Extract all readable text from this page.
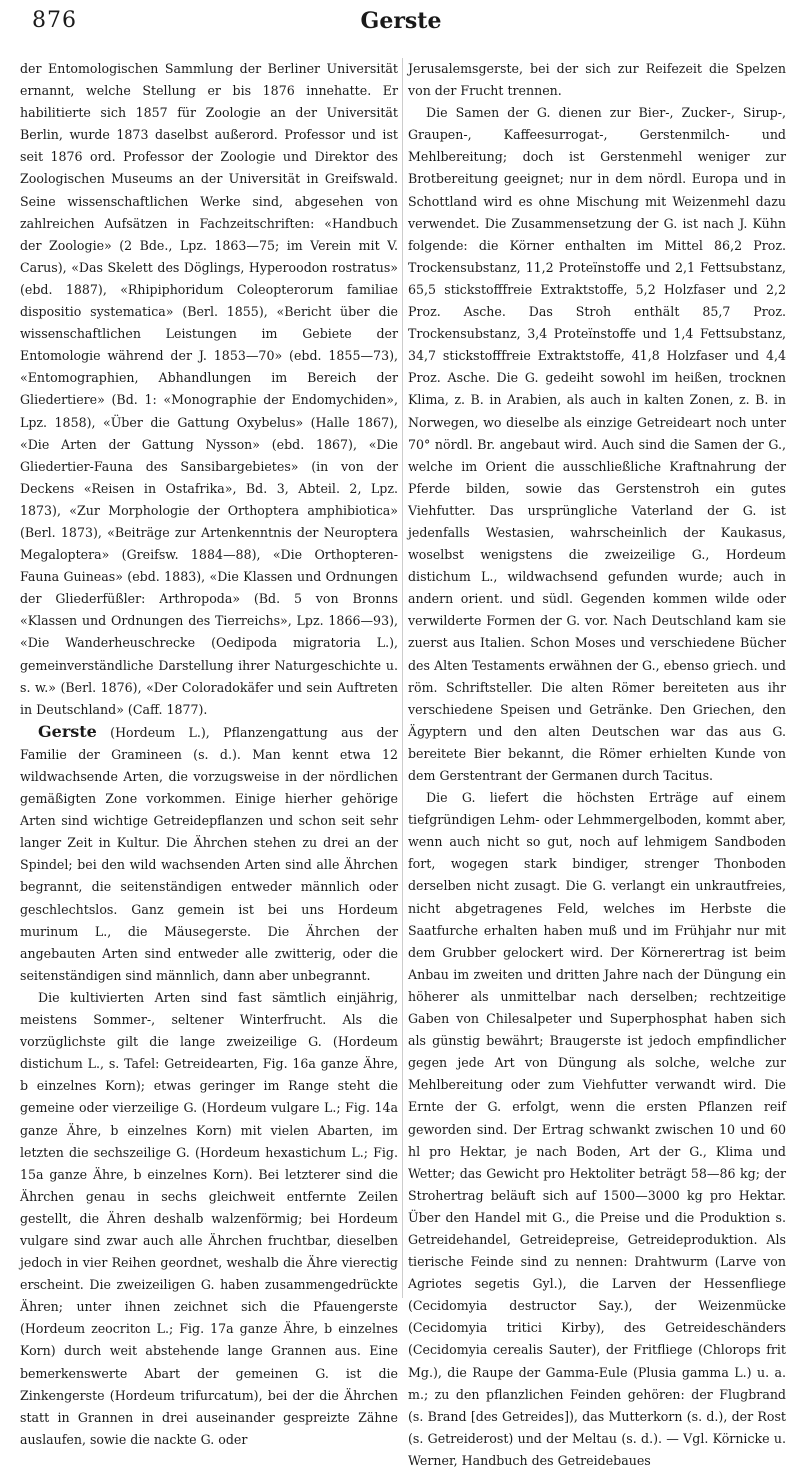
876	Gerste

der Entomologischen Sammlung der Berliner Universität ernannt, welche Stellung er bis 1876 innehatte. Er habilitierte sich 1857 für Zoologie an der Universität Berlin, wurde 1873 daselbst außerord. Professor und ist seit 1876 ord. Professor der Zoologie und Direktor des Zoologischen Museums an der Universität in Greifswald. Seine wissenschaftlichen Werke sind, abgesehen von zahlreichen Aufsätzen in Fachzeitschriften: «Handbuch der Zoologie» (2 Bde., Lpz. 1863—75; im Verein mit V. Carus), «Das Skelett des Döglings, Hyperoodon rostratus» (ebd. 1887), «Rhipiphoridum Coleopterorum familiae dispositio systematica» (Berl. 1855), «Bericht über die wissenschaftlichen Leistungen im Gebiete der Entomologie während der J. 1853—70» (ebd. 1855—73), «Entomographien, Abhandlungen im Bereich der Gliedertiere» (Bd. 1: «Monographie der Endomychiden», Lpz. 1858), «Über die Gattung Oxybelus» (Halle 1867), «Die Arten der Gattung Nysson» (ebd. 1867), «Die Gliedertier-Fauna des Sansibargebietes» (in von der Deckens «Reisen in Ostafrika», Bd. 3, Abteil. 2, Lpz. 1873), «Zur Morphologie der Orthoptera amphibiotica» (Berl. 1873), «Beiträge zur Artenkenntnis der Neuroptera Megaloptera» (Greifsw. 1884—88), «Die Orthopteren-Fauna Guineas» (ebd. 1883), «Die Klassen und Ordnungen der Gliederfüßler: Arthropoda» (Bd. 5 von Bronns «Klassen und Ordnungen des Tierreichs», Lpz. 1866—93), «Die Wanderheuschrecke (Oedipoda migratoria L.), gemeinverständliche Darstellung ihrer Naturgeschichte u. s. w.» (Berl. 1876), «Der Coloradokäfer und sein Auftreten in Deutschland» (Caff. 1877).

Gerste (Hordeum L.), Pflanzengattung aus der Familie der Gramineen (s. d.). Man kennt etwa 12 wildwachsende Arten, die vorzugsweise in der nördlichen gemäßigten Zone vorkommen. Einige hierher gehörige Arten sind wichtige Getreidepflanzen und schon seit sehr langer Zeit in Kultur. Die Ährchen stehen zu drei an der Spindel; bei den wild wachsenden Arten sind alle Ährchen begrannt, die seitenständigen entweder männlich oder geschlechtslos. Ganz gemein ist bei uns Hordeum murinum L., die Mäusegerste. Die Ährchen der angebauten Arten sind entweder alle zwitterig, oder die seitenständigen sind männlich, dann aber unbegrannt.

Die kultivierten Arten sind fast sämtlich einjährig, meistens Sommer-, seltener Winterfrucht. Als die vorzüglichste gilt die lange zweizeilige G. (Hordeum distichum L., s. Tafel: Getreidearten, Fig. 16a ganze Ähre, b einzelnes Korn); etwas geringer im Range steht die gemeine oder vierzeilige G. (Hordeum vulgare L.; Fig. 14a ganze Ähre, b einzelnes Korn) mit vielen Abarten, im letzten die sechszeilige G. (Hordeum hexastichum L.; Fig. 15a ganze Ähre, b einzelnes Korn). Bei letzterer sind die Ährchen genau in sechs gleichweit entfernte Zeilen gestellt, die Ähren deshalb walzenförmig; bei Hordeum vulgare sind zwar auch alle Ährchen fruchtbar, dieselben jedoch in vier Reihen geordnet, weshalb die Ähre vierectig erscheint. Die zweizeiligen G. haben zusammengedrückte Ähren; unter ihnen zeichnet sich die Pfauengerste (Hordeum zeocriton L.; Fig. 17a ganze Ähre, b einzelnes Korn) durch weit abstehende lange Grannen aus. Eine bemerkenswerte Abart der gemeinen G. ist die Zinkengerste (Hordeum trifurcatum), bei der die Ährchen statt in Grannen in drei auseinander gespreizte Zähne auslaufen, sowie die nackte G. oder

Jerusalemsgerste, bei der sich zur Reifezeit die Spelzen von der Frucht trennen.

Die Samen der G. dienen zur Bier-, Zucker-, Sirup-, Graupen-, Kaffeesurrogat-, Gerstenmilch- und Mehlbereitung; doch ist Gerstenmehl weniger zur Brotbereitung geeignet; nur in dem nördl. Europa und in Schottland wird es ohne Mischung mit Weizenmehl dazu verwendet. Die Zusammensetzung der G. ist nach J. Kühn folgende: die Körner enthalten im Mittel 86,2 Proz. Trockensubstanz, 11,2 Proteïnstoffe und 2,1 Fettsubstanz, 65,5 stickstofffreie Extraktstoffe, 5,2 Holzfaser und 2,2 Proz. Asche. Das Stroh enthält 85,7 Proz. Trockensubstanz, 3,4 Proteïnstoffe und 1,4 Fettsubstanz, 34,7 stickstofffreie Extraktstoffe, 41,8 Holzfaser und 4,4 Proz. Asche. Die G. gedeiht sowohl im heißen, trocknen Klima, z. B. in Arabien, als auch in kalten Zonen, z. B. in Norwegen, wo dieselbe als einzige Getreideart noch unter 70° nördl. Br. angebaut wird. Auch sind die Samen der G., welche im Orient die ausschließliche Kraftnahrung der Pferde bilden, sowie das Gerstenstroh ein gutes Viehfutter. Das ursprüngliche Vaterland der G. ist jedenfalls Westasien, wahrscheinlich der Kaukasus, woselbst wenigstens die zweizeilige G., Hordeum distichum L., wildwachsend gefunden wurde; auch in andern orient. und südl. Gegenden kommen wilde oder verwilderte Formen der G. vor. Nach Deutschland kam sie zuerst aus Italien. Schon Moses und verschiedene Bücher des Alten Testaments erwähnen der G., ebenso griech. und röm. Schriftsteller. Die alten Römer bereiteten aus ihr verschiedene Speisen und Getränke. Den Griechen, den Ägyptern und den alten Deutschen war das aus G. bereitete Bier bekannt, die Römer erhielten Kunde von dem Gerstentrant der Germanen durch Tacitus.

Die G. liefert die höchsten Erträge auf einem tiefgründigen Lehm- oder Lehmmergelboden, kommt aber, wenn auch nicht so gut, noch auf lehmigem Sandboden fort, wogegen stark bindiger, strenger Thonboden derselben nicht zusagt. Die G. verlangt ein unkrautfreies, nicht abgetragenes Feld, welches im Herbste die Saatfurche erhalten haben muß und im Frühjahr nur mit dem Grubber gelockert wird. Der Körnerertrag ist beim Anbau im zweiten und dritten Jahre nach der Düngung ein höherer als unmittelbar nach derselben; rechtzeitige Gaben von Chilesalpeter und Superphosphat haben sich als günstig bewährt; Braugerste ist jedoch empfindlicher gegen jede Art von Düngung als solche, welche zur Mehlbereitung oder zum Viehfutter verwandt wird. Die Ernte der G. erfolgt, wenn die ersten Pflanzen reif geworden sind. Der Ertrag schwankt zwischen 10 und 60 hl pro Hektar, je nach Boden, Art der G., Klima und Wetter; das Gewicht pro Hektoliter beträgt 58—86 kg; der Strohertrag beläuft sich auf 1500—3000 kg pro Hektar. Über den Handel mit G., die Preise und die Produktion s. Getreidehandel, Getreidepreise, Getreideproduktion. Als tierische Feinde sind zu nennen: Drahtwurm (Larve von Agriotes segetis Gyl.), die Larven der Hessenfliege (Cecidomyia destructor Say.), der Weizenmücke (Cecidomyia tritici Kirby), des Getreideschänders (Cecidomyia cerealis Sauter), der Fritfliege (Chlorops frit Mg.), die Raupe der Gamma-Eule (Plusia gamma L.) u. a. m.; zu den pflanzlichen Feinden gehören: der Flugbrand (s. Brand [des Getreides]), das Mutterkorn (s. d.), der Rost (s. Getreiderost) und der Meltau (s. d.). — Vgl. Körnicke u. Werner, Handbuch des Getreidebaues
